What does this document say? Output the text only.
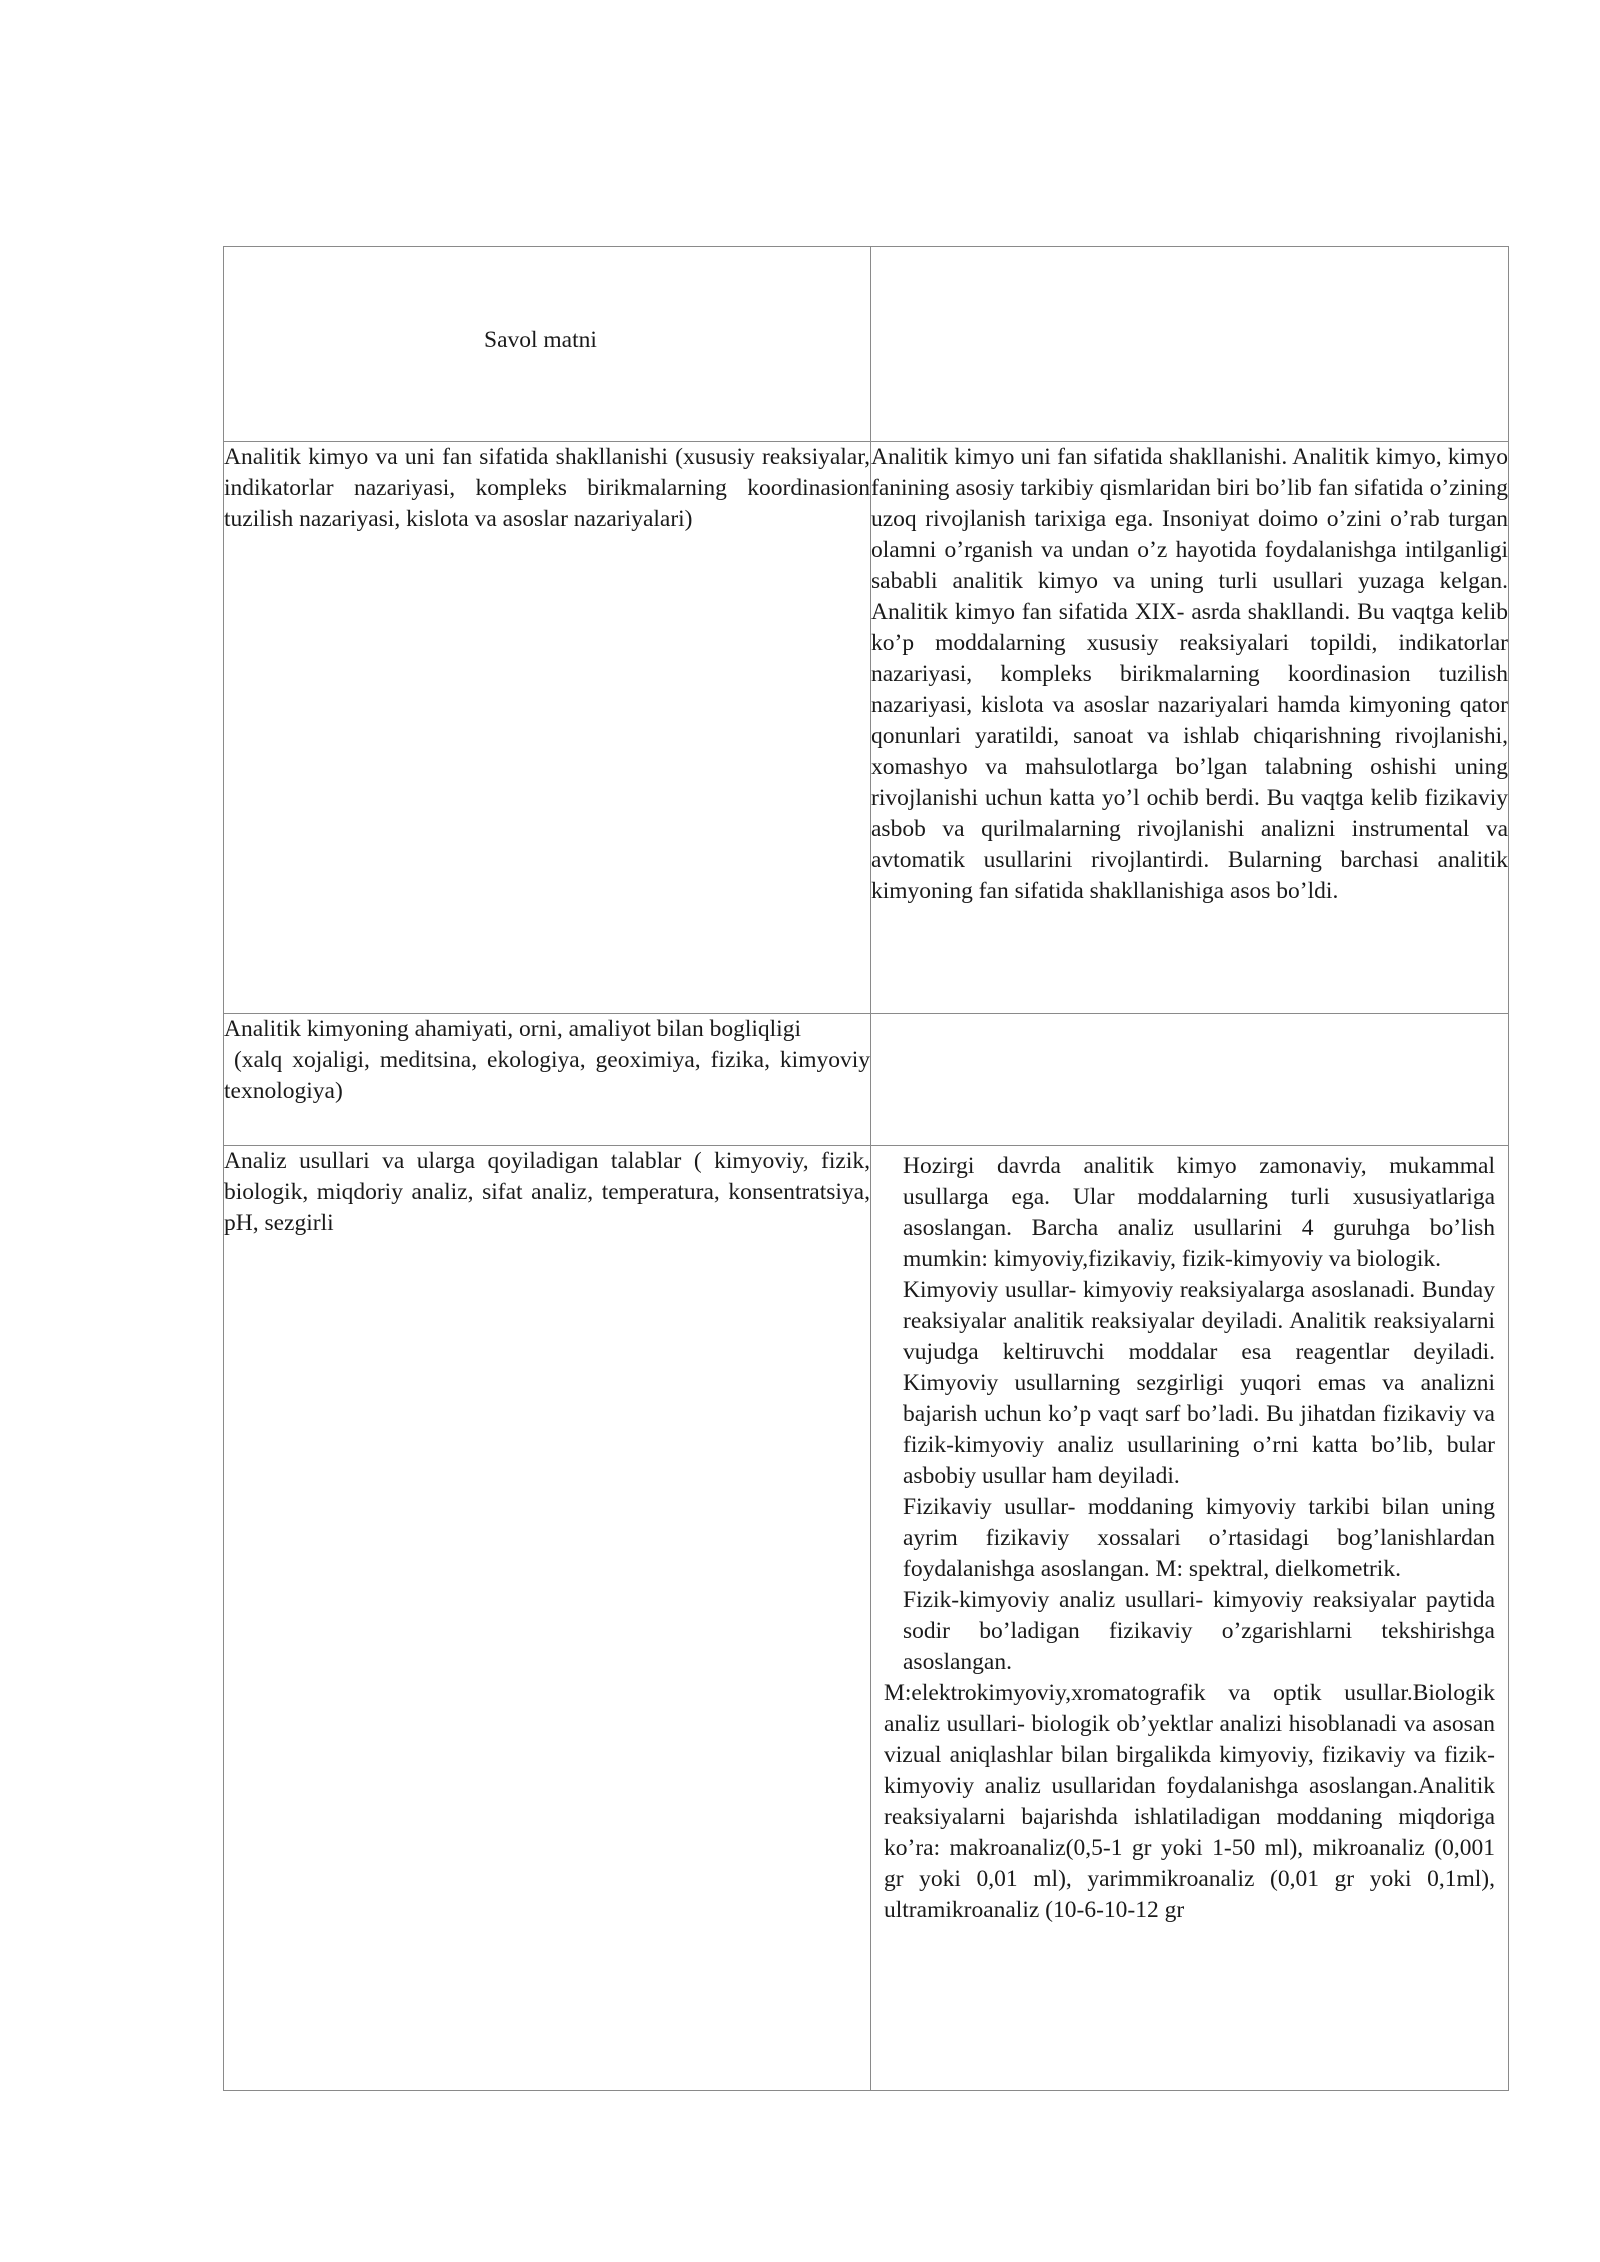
Savol matni	

Analitik kimyo va uni fan sifatida shakllanishi (xususiy reaksiyalar, indikatorlar nazariyasi, kompleks birikmalarning koordinasion tuzilish nazariyasi, kislota va asoslar nazariyalari)	Analitik kimyo uni fan sifatida shakllanishi. Analitik kimyo, kimyo fanining asosiy tarkibiy qismlaridan biri bo’lib fan sifatida o’zining uzoq rivojlanish tarixiga ega. Insoniyat doimo o’zini o’rab turgan olamni o’rganish va undan o’z hayotida foydalanishga intilganligi sababli analitik kimyo va uning turli usullari yuzaga kelgan. Analitik kimyo fan sifatida XIX- asrda shakllandi. Bu vaqtga kelib ko’p moddalarning xususiy reaksiyalari topildi, indikatorlar nazariyasi, kompleks birikmalarning koordinasion tuzilish nazariyasi, kislota va asoslar nazariyalari hamda kimyoning qator qonunlari yaratildi, sanoat va ishlab chiqarishning rivojlanishi, xomashyo va mahsulotlarga bo’lgan talabning oshishi uning rivojlanishi uchun katta yo’l ochib berdi. Bu vaqtga kelib fizikaviy asbob va qurilmalarning rivojlanishi analizni instrumental va avtomatik usullarini rivojlantirdi. Bularning barchasi analitik kimyoning fan sifatida shakllanishiga asos bo’ldi.

Analitik kimyoning ahamiyati, orni, amaliyot bilan bogliqligi
(xalq xojaligi, meditsina, ekologiya, geoximiya, fizika, kimyoviy texnologiya)	

Analiz usullari va ularga qoyiladigan talablar ( kimyoviy, fizik, biologik, miqdoriy analiz, sifat analiz, temperatura, konsentratsiya, pH, sezgirli	Hozirgi davrda analitik kimyo zamonaviy, mukammal usullarga ega. Ular moddalarning turli xususiyatlariga asoslangan. Barcha analiz usullarini 4 guruhga bo’lish mumkin: kimyoviy,fizikaviy, fizik-kimyoviy va biologik.

Kimyoviy usullar- kimyoviy reaksiyalarga asoslanadi. Bunday reaksiyalar analitik reaksiyalar deyiladi. Analitik reaksiyalarni vujudga keltiruvchi moddalar esa reagentlar deyiladi. Kimyoviy usullarning sezgirligi yuqori emas va analizni bajarish uchun ko’p vaqt sarf bo’ladi. Bu jihatdan fizikaviy va fizik-kimyoviy analiz usullarining o’rni katta bo’lib, bular asbobiy usullar ham deyiladi.

Fizikaviy usullar- moddaning kimyoviy tarkibi bilan uning ayrim fizikaviy xossalari o’rtasidagi bog’lanishlardan foydalanishga asoslangan. M: spektral, dielkometrik.

Fizik-kimyoviy analiz usullari- kimyoviy reaksiyalar paytida sodir bo’ladigan fizikaviy o’zgarishlarni tekshirishga asoslangan.

M:elektrokimyoviy,xromatografik va optik usullar.Biologik analiz usullari- biologik ob’yektlar analizi hisoblanadi va asosan vizual aniqlashlar bilan birgalikda kimyoviy, fizikaviy va fizik-kimyoviy analiz usullaridan foydalanishga asoslangan.Analitik reaksiyalarni bajarishda ishlatiladigan moddaning miqdoriga ko’ra: makroanaliz(0,5-1 gr yoki 1-50 ml), mikroanaliz (0,001 gr yoki 0,01 ml), yarimmikroanaliz (0,01 gr yoki 0,1ml), ultramikroanaliz (10-6-10-12 gr
